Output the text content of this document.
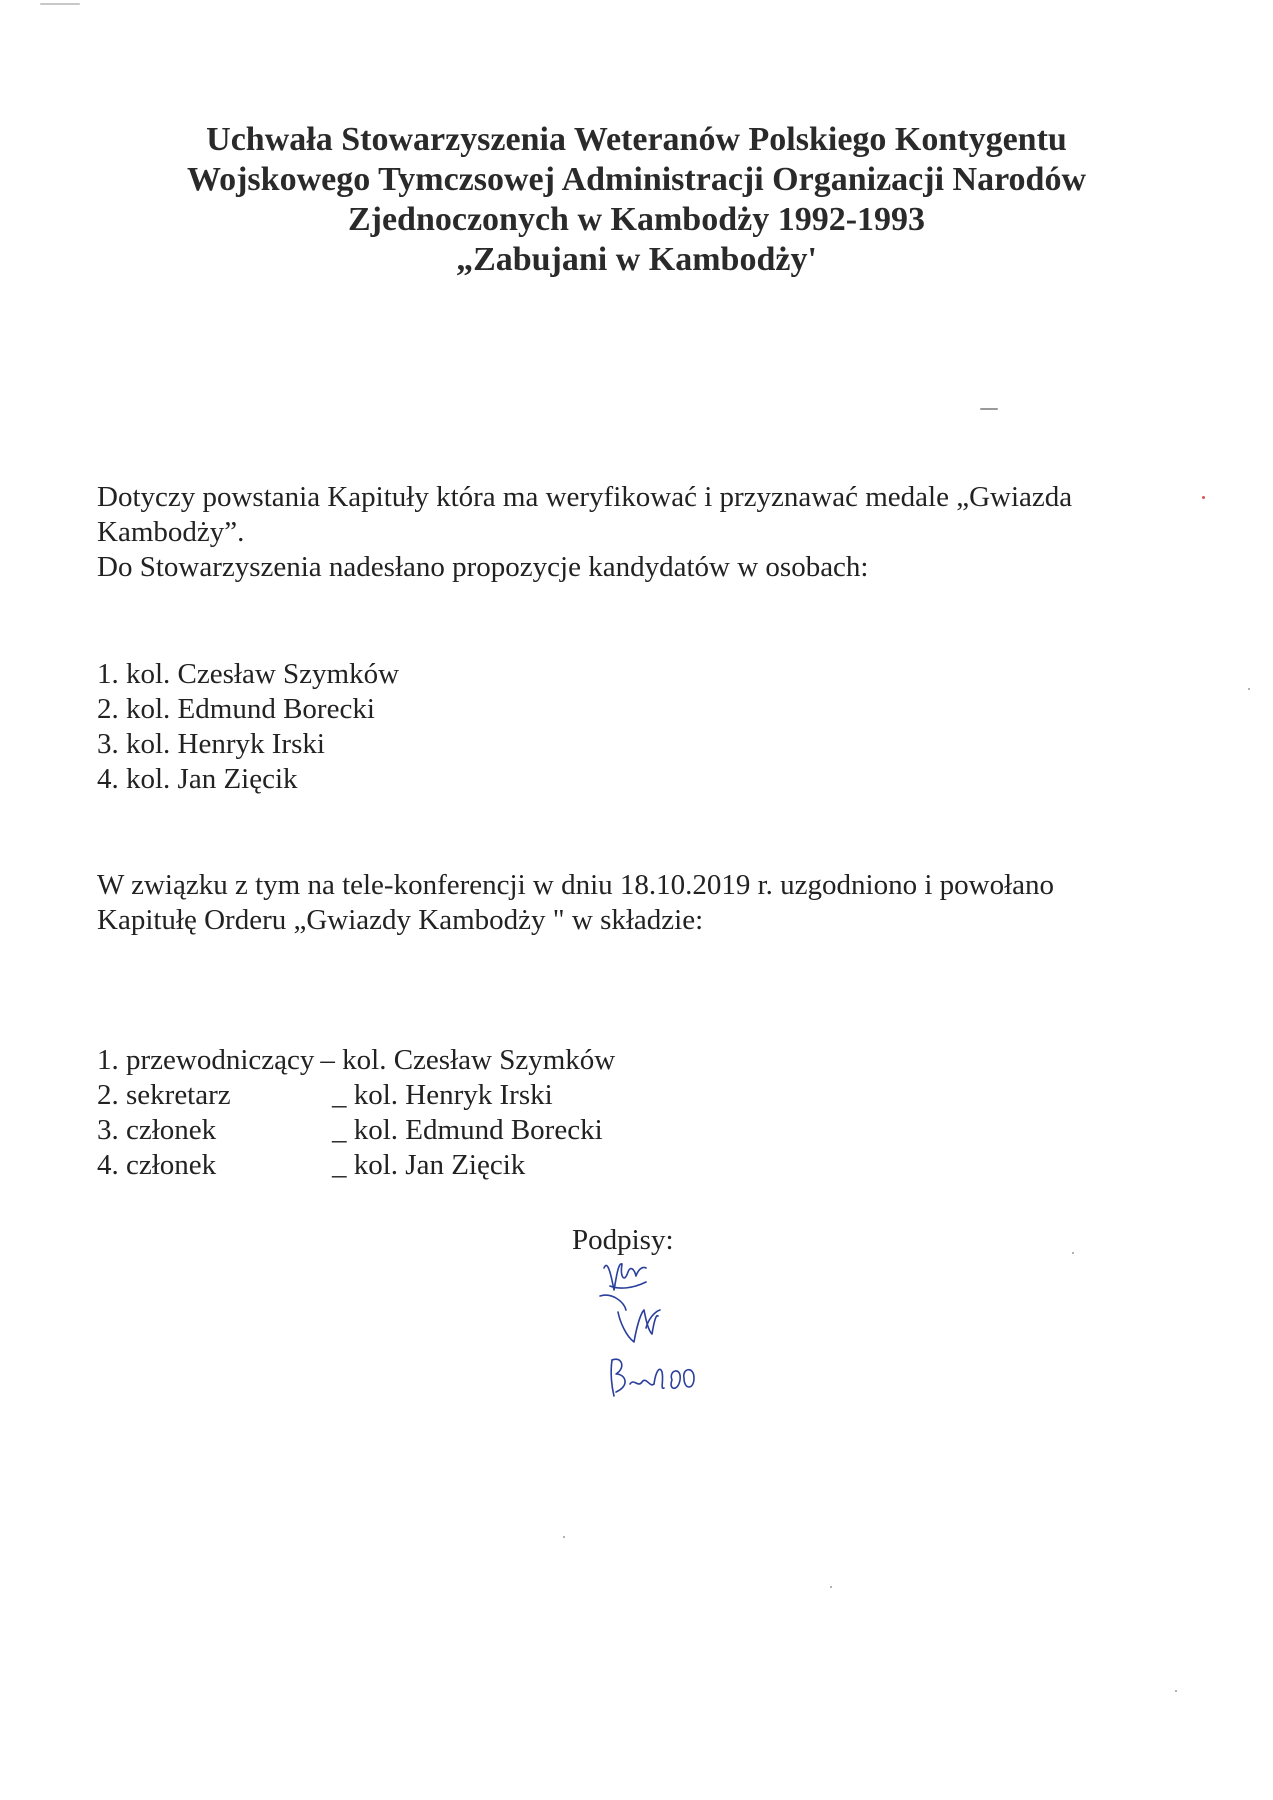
Uchwała Stowarzyszenia Weteranów Polskiego Kontygentu
Wojskowego Tymczsowej Administracji Organizacji Narodów
Zjednoczonych w Kambodży 1992-1993
„Zabujani w Kambodży'
Dotyczy powstania Kapituły która ma weryfikować i przyznawać medale „Gwiazda
Kambodży”.
Do Stowarzyszenia nadesłano propozycje kandydatów w osobach:
1. kol. Czesław Szymków
2. kol. Edmund Borecki
3. kol. Henryk Irski
4. kol. Jan Zięcik
W związku z tym na tele-konferencji w dniu 18.10.2019 r. uzgodniono i powołano
Kapitułę Orderu „Gwiazdy Kambodży " w składzie:
1. przewodniczący – kol. Czesław Szymków
2. sekretarz	_ kol. Henryk Irski
3. członek	_ kol. Edmund Borecki
4. członek	_ kol. Jan Zięcik
Podpisy:
